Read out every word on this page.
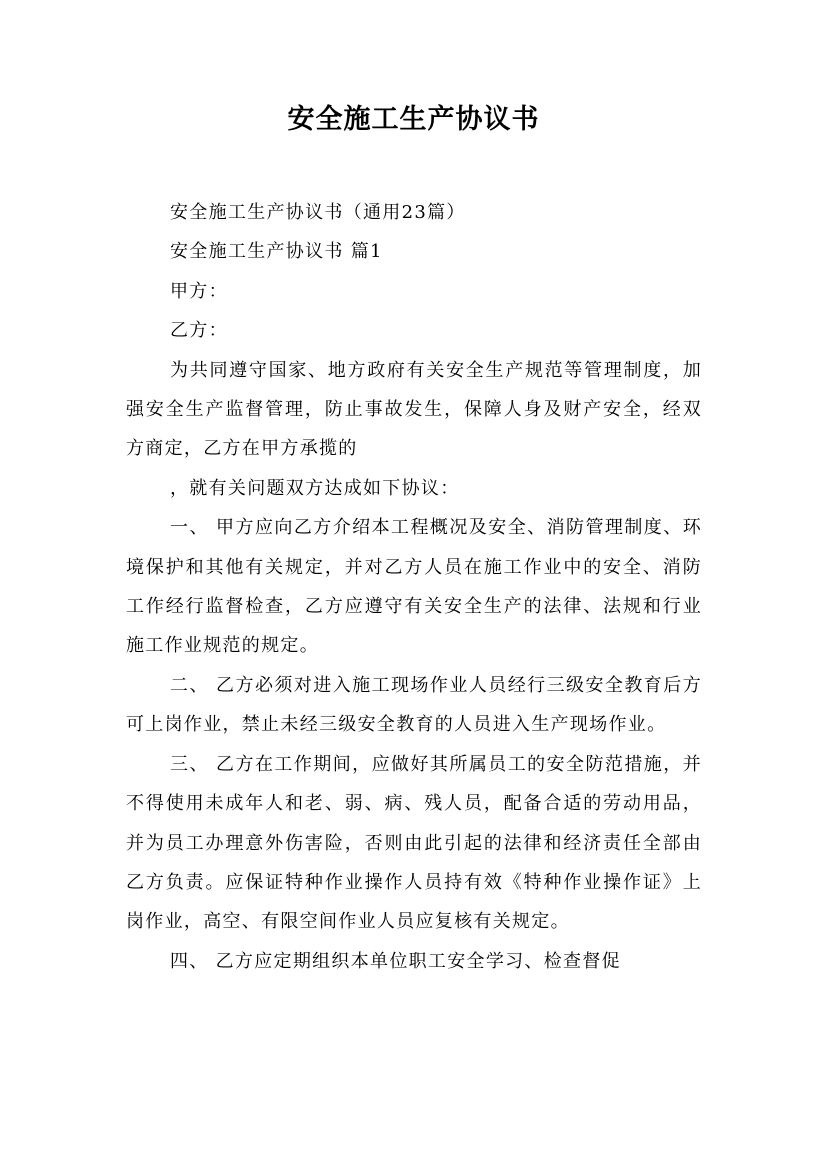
安全施工生产协议书

安全施工生产协议书（通用23篇）

安全施工生产协议书 篇1

甲方：

乙方：

为共同遵守国家、地方政府有关安全生产规范等管理制度，加强安全生产监督管理，防止事故发生，保障人身及财产安全，经双方商定，乙方在甲方承揽的

，就有关问题双方达成如下协议：

一、 甲方应向乙方介绍本工程概况及安全、消防管理制度、环境保护和其他有关规定，并对乙方人员在施工作业中的安全、消防工作经行监督检查，乙方应遵守有关安全生产的法律、法规和行业施工作业规范的规定。

二、 乙方必须对进入施工现场作业人员经行三级安全教育后方可上岗作业，禁止未经三级安全教育的人员进入生产现场作业。

三、 乙方在工作期间，应做好其所属员工的安全防范措施，并不得使用未成年人和老、弱、病、残人员，配备合适的劳动用品，并为员工办理意外伤害险，否则由此引起的法律和经济责任全部由乙方负责。应保证特种作业操作人员持有效《特种作业操作证》上岗作业，高空、有限空间作业人员应复核有关规定。

四、 乙方应定期组织本单位职工安全学习、检查督促
